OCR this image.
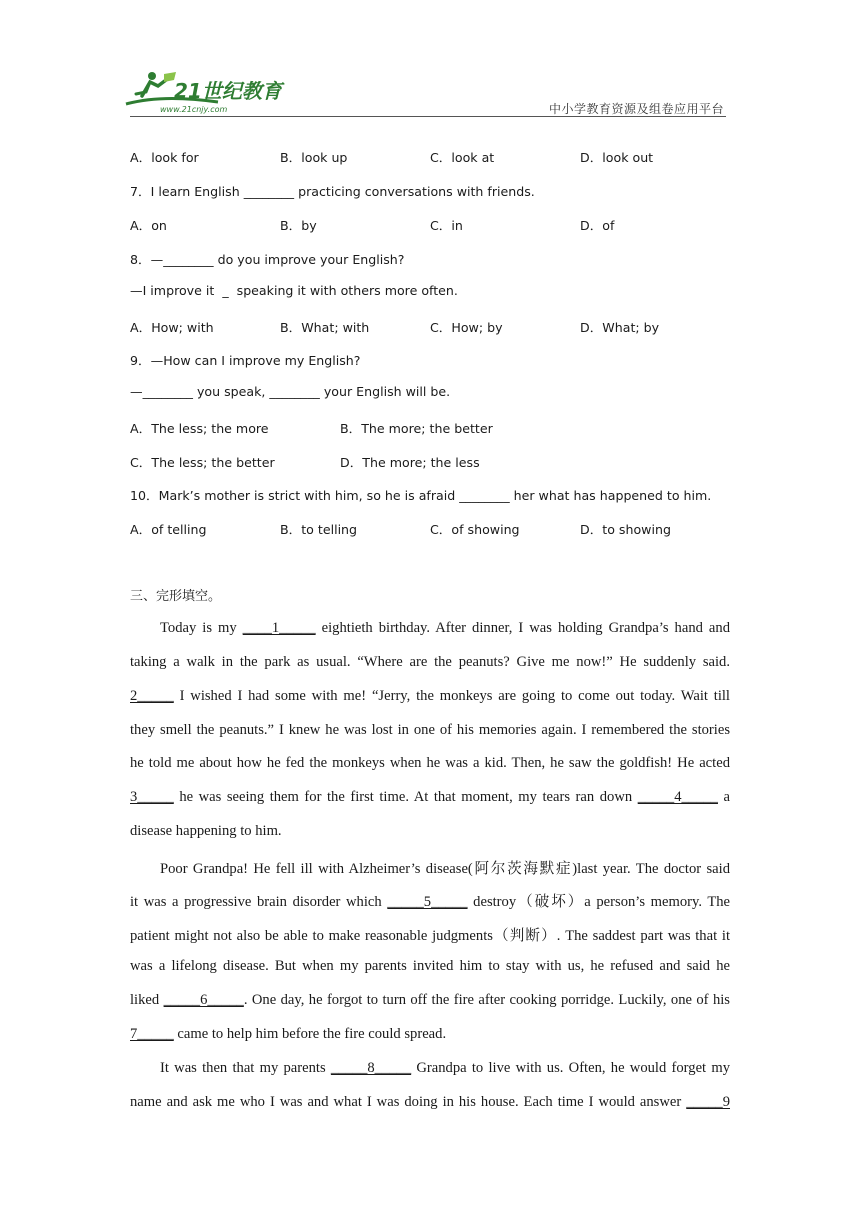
21世纪教育
www.21cnjy.com	中小学教育资源及组卷应用平台
A．look for	B．look up	C．look at	D．look out
7．I learn English ________ practicing conversations with friends.
A．on	B．by	C．in	D．of
8．—________ do you improve your English?
—I improve it  _  speaking it with others more often.
A．How; with	B．What; with	C．How; by	D．What; by
9．—How can I improve my English?
—________ you speak, ________ your English will be.
A．The less; the more	B．The more; the better
C．The less; the better	D．The more; the less
10．Mark’s mother is strict with him, so he is afraid ________ her what has happened to him.
A．of telling	B．to telling	C．of showing	D．to showing
三、完形填空。
Today is my ____1_____ eightieth birthday. After dinner, I was holding Grandpa’s hand and
taking a walk in the park as usual. “Where are the peanuts? Give me now!” He suddenly said.
2_____ I wished I had some with me! “Jerry, the monkeys are going to come out today. Wait till
they smell the peanuts.” I knew he was lost in one of his memories again. I remembered the stories
he told me about how he fed the monkeys when he was a kid. Then, he saw the goldfish! He acted
3_____ he was seeing them for the first time. At that moment, my tears ran down _____4_____ a
disease happening to him.
Poor Grandpa! He fell ill with Alzheimer’s disease(阿尔茨海默症)last year. The doctor said
it was a progressive brain disorder which _____5_____ destroy（破坏）a person’s memory. The
patient might not also be able to make reasonable judgments（判断）. The saddest part was that it
was a lifelong disease. But when my parents invited him to stay with us, he refused and said he
liked _____6_____. One day, he forgot to turn off the fire after cooking porridge. Luckily, one of his
7_____ came to help him before the fire could spread.
It was then that my parents _____8_____ Grandpa to live with us. Often, he would forget my
name and ask me who I was and what I was doing in his house. Each time I would answer _____9
